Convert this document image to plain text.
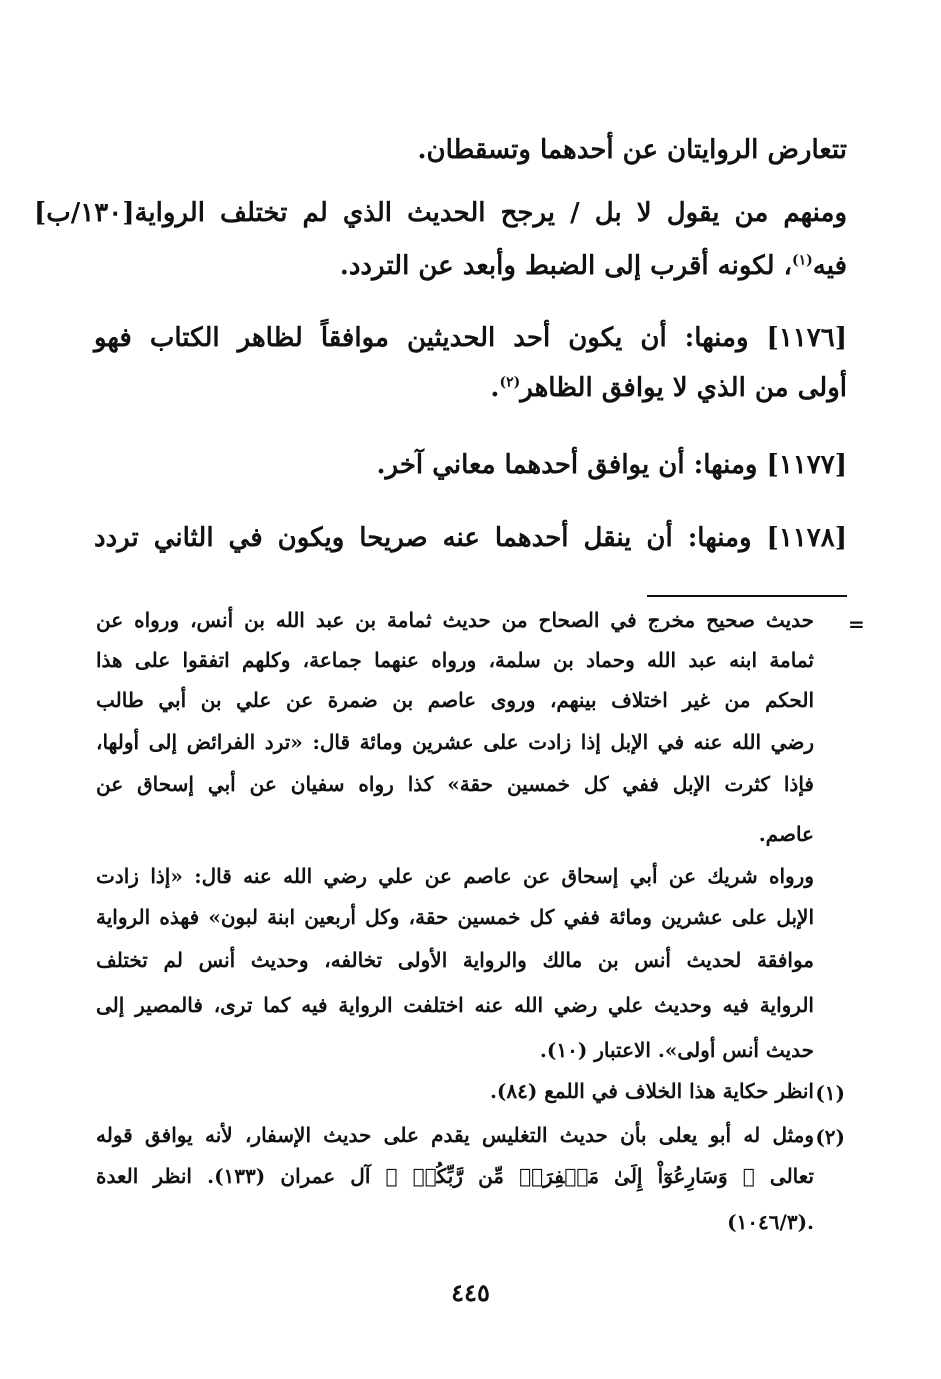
تتعارض الروايتان عن أحدهما وتسقطان.
ومنهم من يقول لا بل / يرجح الحديث الذي لم تختلف الرواية[١٣٠/ب]
فيه$^{(١)}$، لكونه أقرب إلى الضبط وأبعد عن التردد.
[١١٧٦] ومنها: أن يكون أحد الحديثين موافقاً لظاهر الكتاب فهو
أولى من الذي لا يوافق الظاهر$^{(٢)}$.
[١١٧٧] ومنها: أن يوافق أحدهما معاني آخر.
[١١٧٨] ومنها: أن ينقل أحدهما عنه صريحا ويكون في الثاني تردد
=
حديث صحيح مخرج في الصحاح من حديث ثمامة بن عبد الله بن أنس، ورواه عن
ثمامة ابنه عبد الله وحماد بن سلمة، ورواه عنهما جماعة، وكلهم اتفقوا على هذا
الحكم من غير اختلاف بينهم، وروى عاصم بن ضمرة عن علي بن أبي طالب
رضي الله عنه في الإبل إذا زادت على عشرين ومائة قال: «ترد الفرائض إلى أولها،
فإذا كثرت الإبل ففي كل خمسين حقة» كذا رواه سفيان عن أبي إسحاق عن
عاصم.
ورواه شريك عن أبي إسحاق عن عاصم عن علي رضي الله عنه قال: «إذا زادت
الإبل على عشرين ومائة ففي كل خمسين حقة، وكل أربعين ابنة لبون» فهذه الرواية
موافقة لحديث أنس بن مالك والرواية الأولى تخالفه، وحديث أنس لم تختلف
الرواية فيه وحديث علي رضي الله عنه اختلفت الرواية فيه كما ترى، فالمصير إلى
حديث أنس أولى». الاعتبار (١٠).
(١)
انظر حكاية هذا الخلاف في اللمع (٨٤).
(٢)
ومثل له أبو يعلى بأن حديث التغليس يقدم على حديث الإسفار، لأنه يوافق قوله
تعالى ﴿ وَسَارِعُوٓاْ إِلَىٰ مَغۡفِرَةٖ مِّن رَّبِّكُمۡ ﴾ آل عمران (١٣٣). انظر العدة
(١٠٤٦/٣).
٤٤٥
